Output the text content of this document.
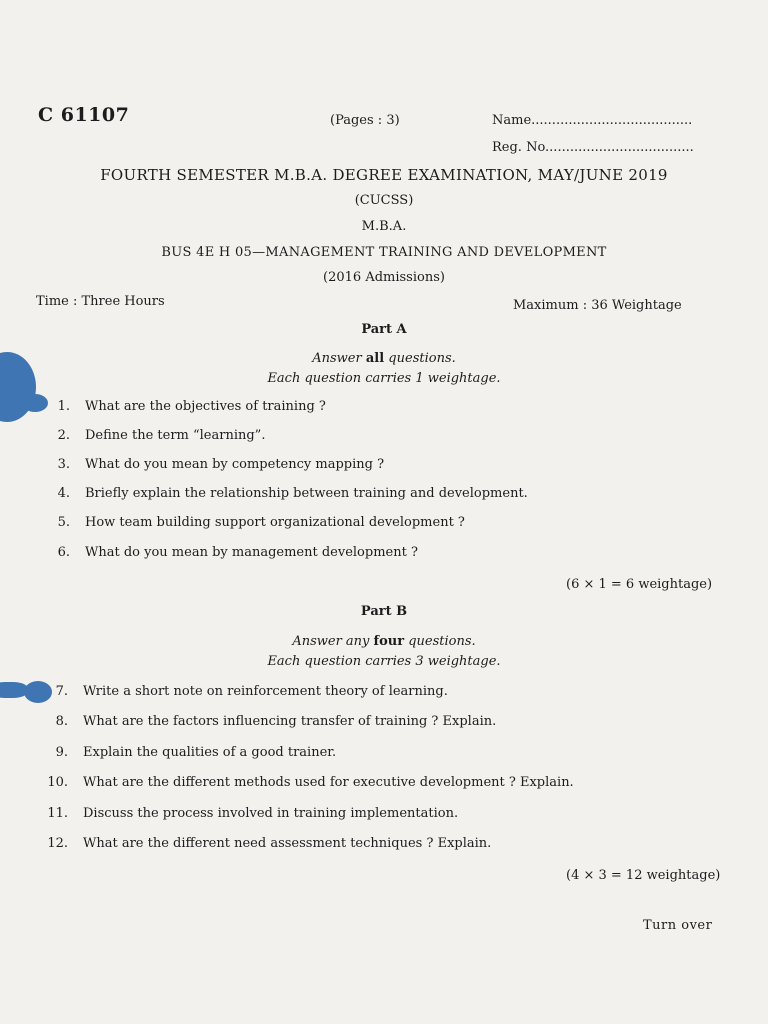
C 61107	(Pages : 3)	Name.......................................
Reg. No....................................
FOURTH SEMESTER M.B.A. DEGREE EXAMINATION, MAY/JUNE 2019
(CUCSS)
M.B.A.
BUS 4E H 05—MANAGEMENT TRAINING AND DEVELOPMENT
(2016 Admissions)
Time : Three Hours	Maximum : 36 Weightage
Part A
Answer all questions.
Each question carries 1 weightage.
1. What are the objectives of training ?
2. Define the term “learning”.
3. What do you mean by competency mapping ?
4. Briefly explain the relationship between training and development.
5. How team building support organizational development ?
6. What do you mean by management development ?
(6 × 1 = 6 weightage)
Part B
Answer any four questions.
Each question carries 3 weightage.
7. Write a short note on reinforcement theory of learning.
8. What are the factors influencing transfer of training ? Explain.
9. Explain the qualities of a good trainer.
10. What are the different methods used for executive development ? Explain.
11. Discuss the process involved in training implementation.
12. What are the different need assessment techniques ? Explain.
(4 × 3 = 12 weightage)
Turn over
